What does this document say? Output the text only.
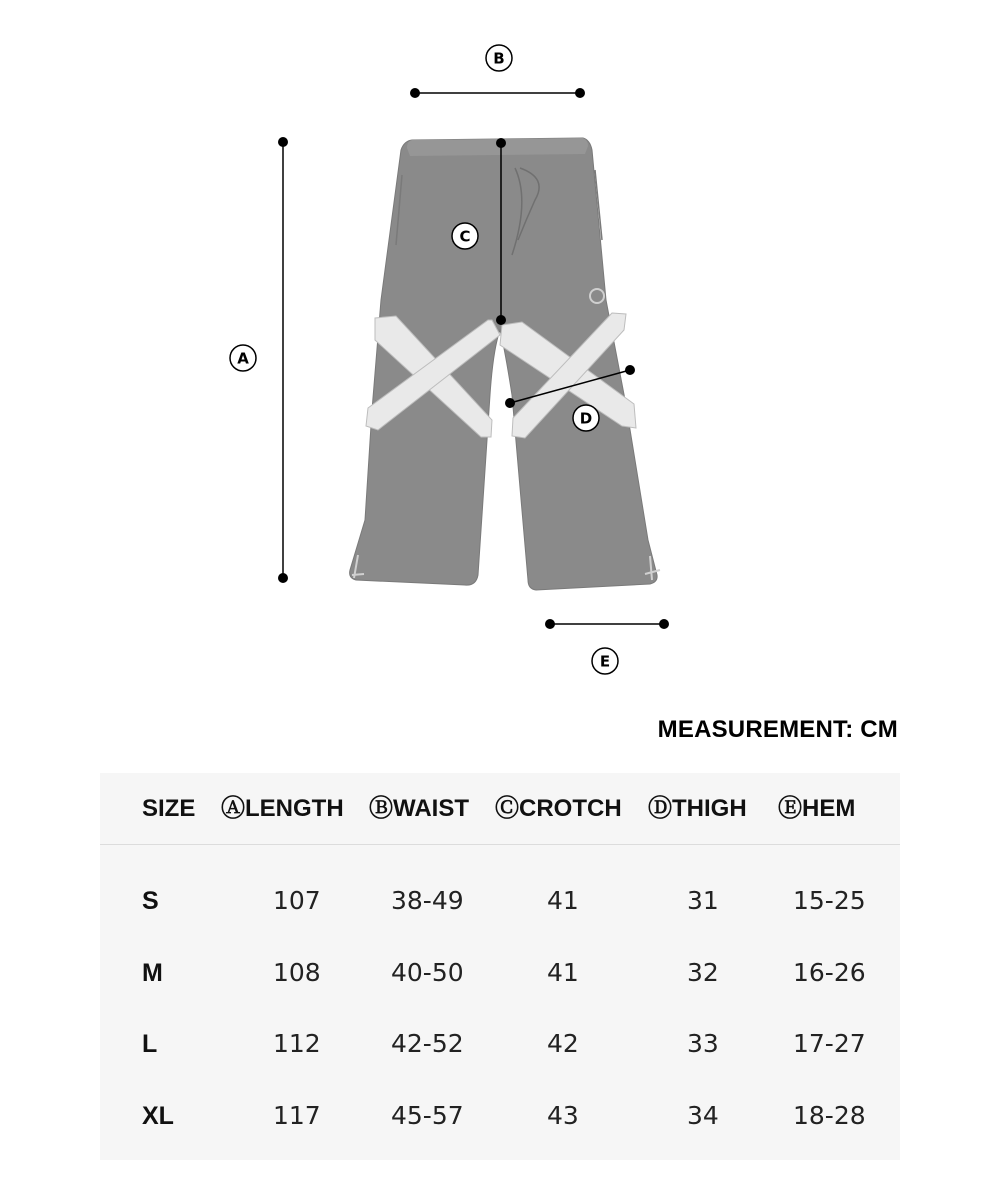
A
B
C
D
E
MEASUREMENT: CM
SIZE ⒶLENGTH ⒷWAIST ⒸCROTCH ⒹTHIGH ⒺHEM
S	107	38-49	41	31	15-25
M	108	40-50	41	32	16-26
L	112	42-52	42	33	17-27
XL	117	45-57	43	34	18-28
